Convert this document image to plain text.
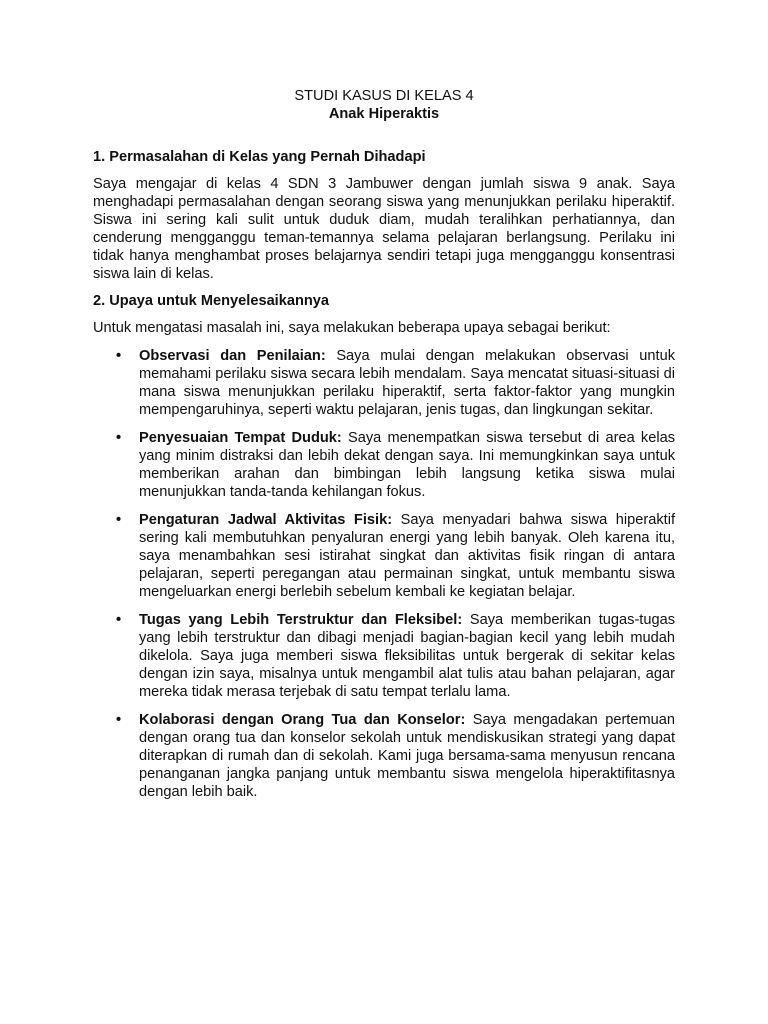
STUDI KASUS DI KELAS 4
Anak Hiperaktis
1. Permasalahan di Kelas yang Pernah Dihadapi

Saya mengajar di kelas 4 SDN 3 Jambuwer dengan jumlah siswa 9 anak. Saya menghadapi permasalahan dengan seorang siswa yang menunjukkan perilaku hiperaktif. Siswa ini sering kali sulit untuk duduk diam, mudah teralihkan perhatiannya, dan cenderung mengganggu teman-temannya selama pelajaran berlangsung. Perilaku ini tidak hanya menghambat proses belajarnya sendiri tetapi juga mengganggu konsentrasi siswa lain di kelas.

2. Upaya untuk Menyelesaikannya

Untuk mengatasi masalah ini, saya melakukan beberapa upaya sebagai berikut:

• Observasi dan Penilaian: Saya mulai dengan melakukan observasi untuk memahami perilaku siswa secara lebih mendalam. Saya mencatat situasi-situasi di mana siswa menunjukkan perilaku hiperaktif, serta faktor-faktor yang mungkin mempengaruhinya, seperti waktu pelajaran, jenis tugas, dan lingkungan sekitar.
• Penyesuaian Tempat Duduk: Saya menempatkan siswa tersebut di area kelas yang minim distraksi dan lebih dekat dengan saya. Ini memungkinkan saya untuk memberikan arahan dan bimbingan lebih langsung ketika siswa mulai menunjukkan tanda-tanda kehilangan fokus.
• Pengaturan Jadwal Aktivitas Fisik: Saya menyadari bahwa siswa hiperaktif sering kali membutuhkan penyaluran energi yang lebih banyak. Oleh karena itu, saya menambahkan sesi istirahat singkat dan aktivitas fisik ringan di antara pelajaran, seperti peregangan atau permainan singkat, untuk membantu siswa mengeluarkan energi berlebih sebelum kembali ke kegiatan belajar.
• Tugas yang Lebih Terstruktur dan Fleksibel: Saya memberikan tugas-tugas yang lebih terstruktur dan dibagi menjadi bagian-bagian kecil yang lebih mudah dikelola. Saya juga memberi siswa fleksibilitas untuk bergerak di sekitar kelas dengan izin saya, misalnya untuk mengambil alat tulis atau bahan pelajaran, agar mereka tidak merasa terjebak di satu tempat terlalu lama.
• Kolaborasi dengan Orang Tua dan Konselor: Saya mengadakan pertemuan dengan orang tua dan konselor sekolah untuk mendiskusikan strategi yang dapat diterapkan di rumah dan di sekolah. Kami juga bersama-sama menyusun rencana penanganan jangka panjang untuk membantu siswa mengelola hiperaktifitasnya dengan lebih baik.
